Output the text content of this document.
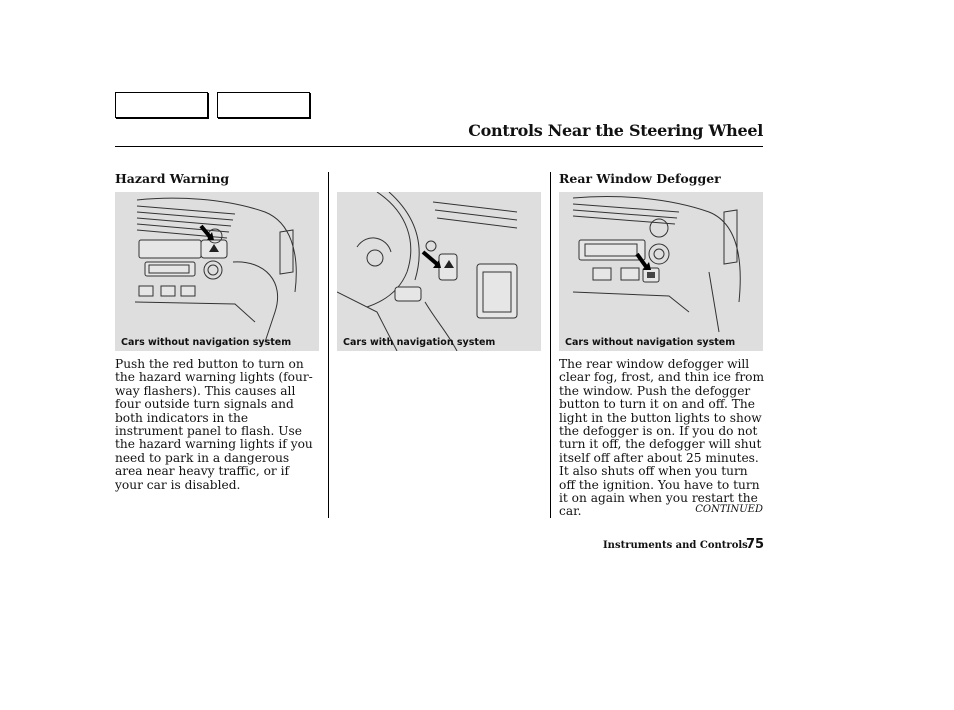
Controls Near the Steering Wheel
Hazard Warning
Cars without navigation system
Push the red button to turn on the hazard warning lights (four-way flashers). This causes all four outside turn signals and both indicators in the instrument panel to flash. Use the hazard warning lights if you need to park in a dangerous area near heavy traffic, or if your car is disabled.
Cars with navigation system
Rear Window Defogger
Cars without navigation system
The rear window defogger will clear fog, frost, and thin ice from the window. Push the defogger button to turn it on and off. The light in the button lights to show the defogger is on. If you do not turn it off, the defogger will shut itself off after about 25 minutes. It also shuts off when you turn off the ignition. You have to turn it on again when you restart the car.	CONTINUED
Instruments and Controls
75
